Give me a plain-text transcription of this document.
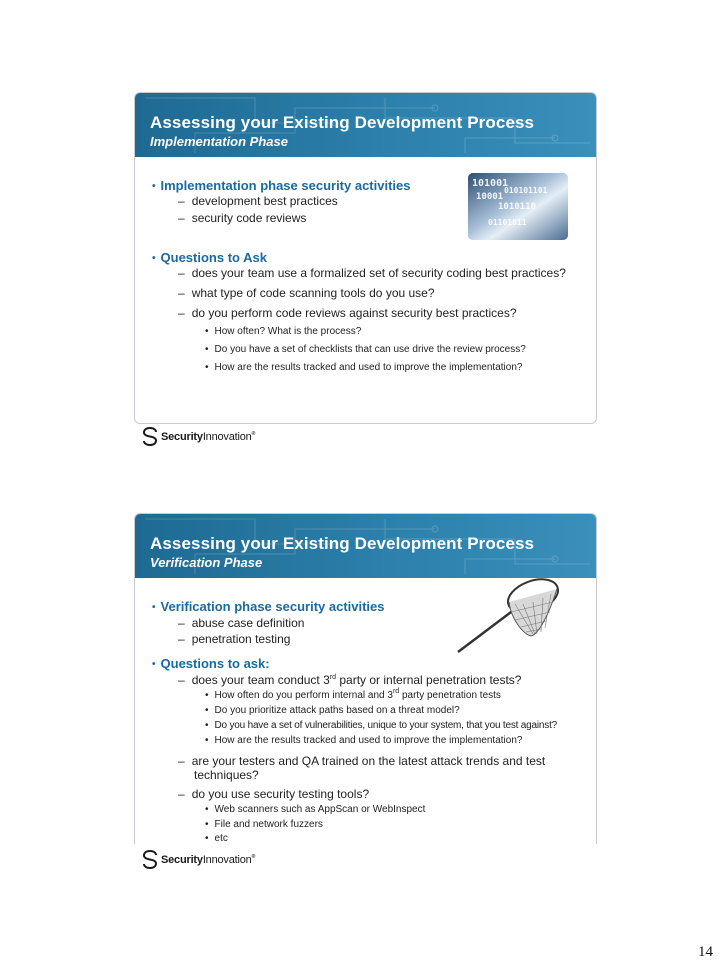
Assessing your Existing Development Process
Implementation Phase
101001
10001
010101101
1010110
01101011
• Implementation phase security activities
– development best practices
– security code reviews
• Questions to Ask
– does your team use a formalized set of security coding best practices?
– what type of code scanning tools do you use?
– do you perform code reviews against security best practices?
• How often? What is the process?
• Do you have a set of checklists that can use drive the review process?
• How are the results tracked and used to improve the implementation?
SecurityInnovation®
Assessing your Existing Development Process
Verification Phase
• Verification phase security activities
– abuse case definition
– penetration testing
• Questions to ask:
– does your team conduct 3rd party or internal penetration tests?
• How often do you perform internal and 3rd party penetration tests
• Do you prioritize attack paths based on a threat model?
• Do you have a set of vulnerabilities, unique to your system, that you test against?
• How are the results tracked and used to improve the implementation?
– are your testers and QA trained on the latest attack trends and test
techniques?
– do you use security testing tools?
• Web scanners such as AppScan or WebInspect
• File and network fuzzers
• etc
SecurityInnovation®
14
